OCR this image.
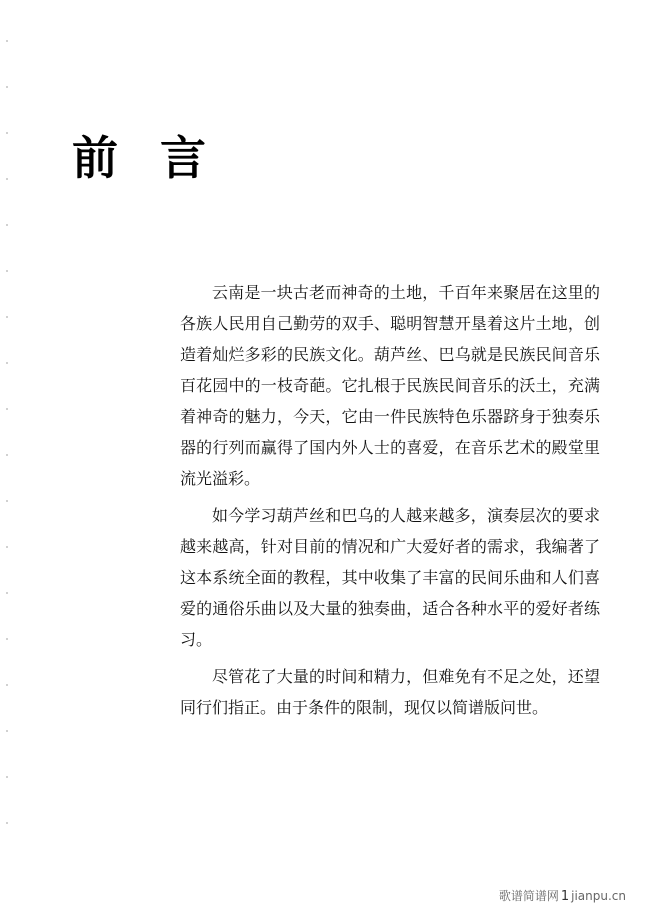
前 言

云南是一块古老而神奇的土地，千百年来聚居在这里的各族人民用自己勤劳的双手、聪明智慧开垦着这片土地，创造着灿烂多彩的民族文化。葫芦丝、巴乌就是民族民间音乐百花园中的一枝奇葩。它扎根于民族民间音乐的沃土，充满着神奇的魅力，今天，它由一件民族特色乐器跻身于独奏乐器的行列而赢得了国内外人士的喜爱，在音乐艺术的殿堂里流光溢彩。

如今学习葫芦丝和巴乌的人越来越多，演奏层次的要求越来越高，针对目前的情况和广大爱好者的需求，我编著了这本系统全面的教程，其中收集了丰富的民间乐曲和人们喜爱的通俗乐曲以及大量的独奏曲，适合各种水平的爱好者练习。

尽管花了大量的时间和精力，但难免有不足之处，还望同行们指正。由于条件的限制，现仅以简谱版问世。

歌谱简谱网 1 jianpu.cn
